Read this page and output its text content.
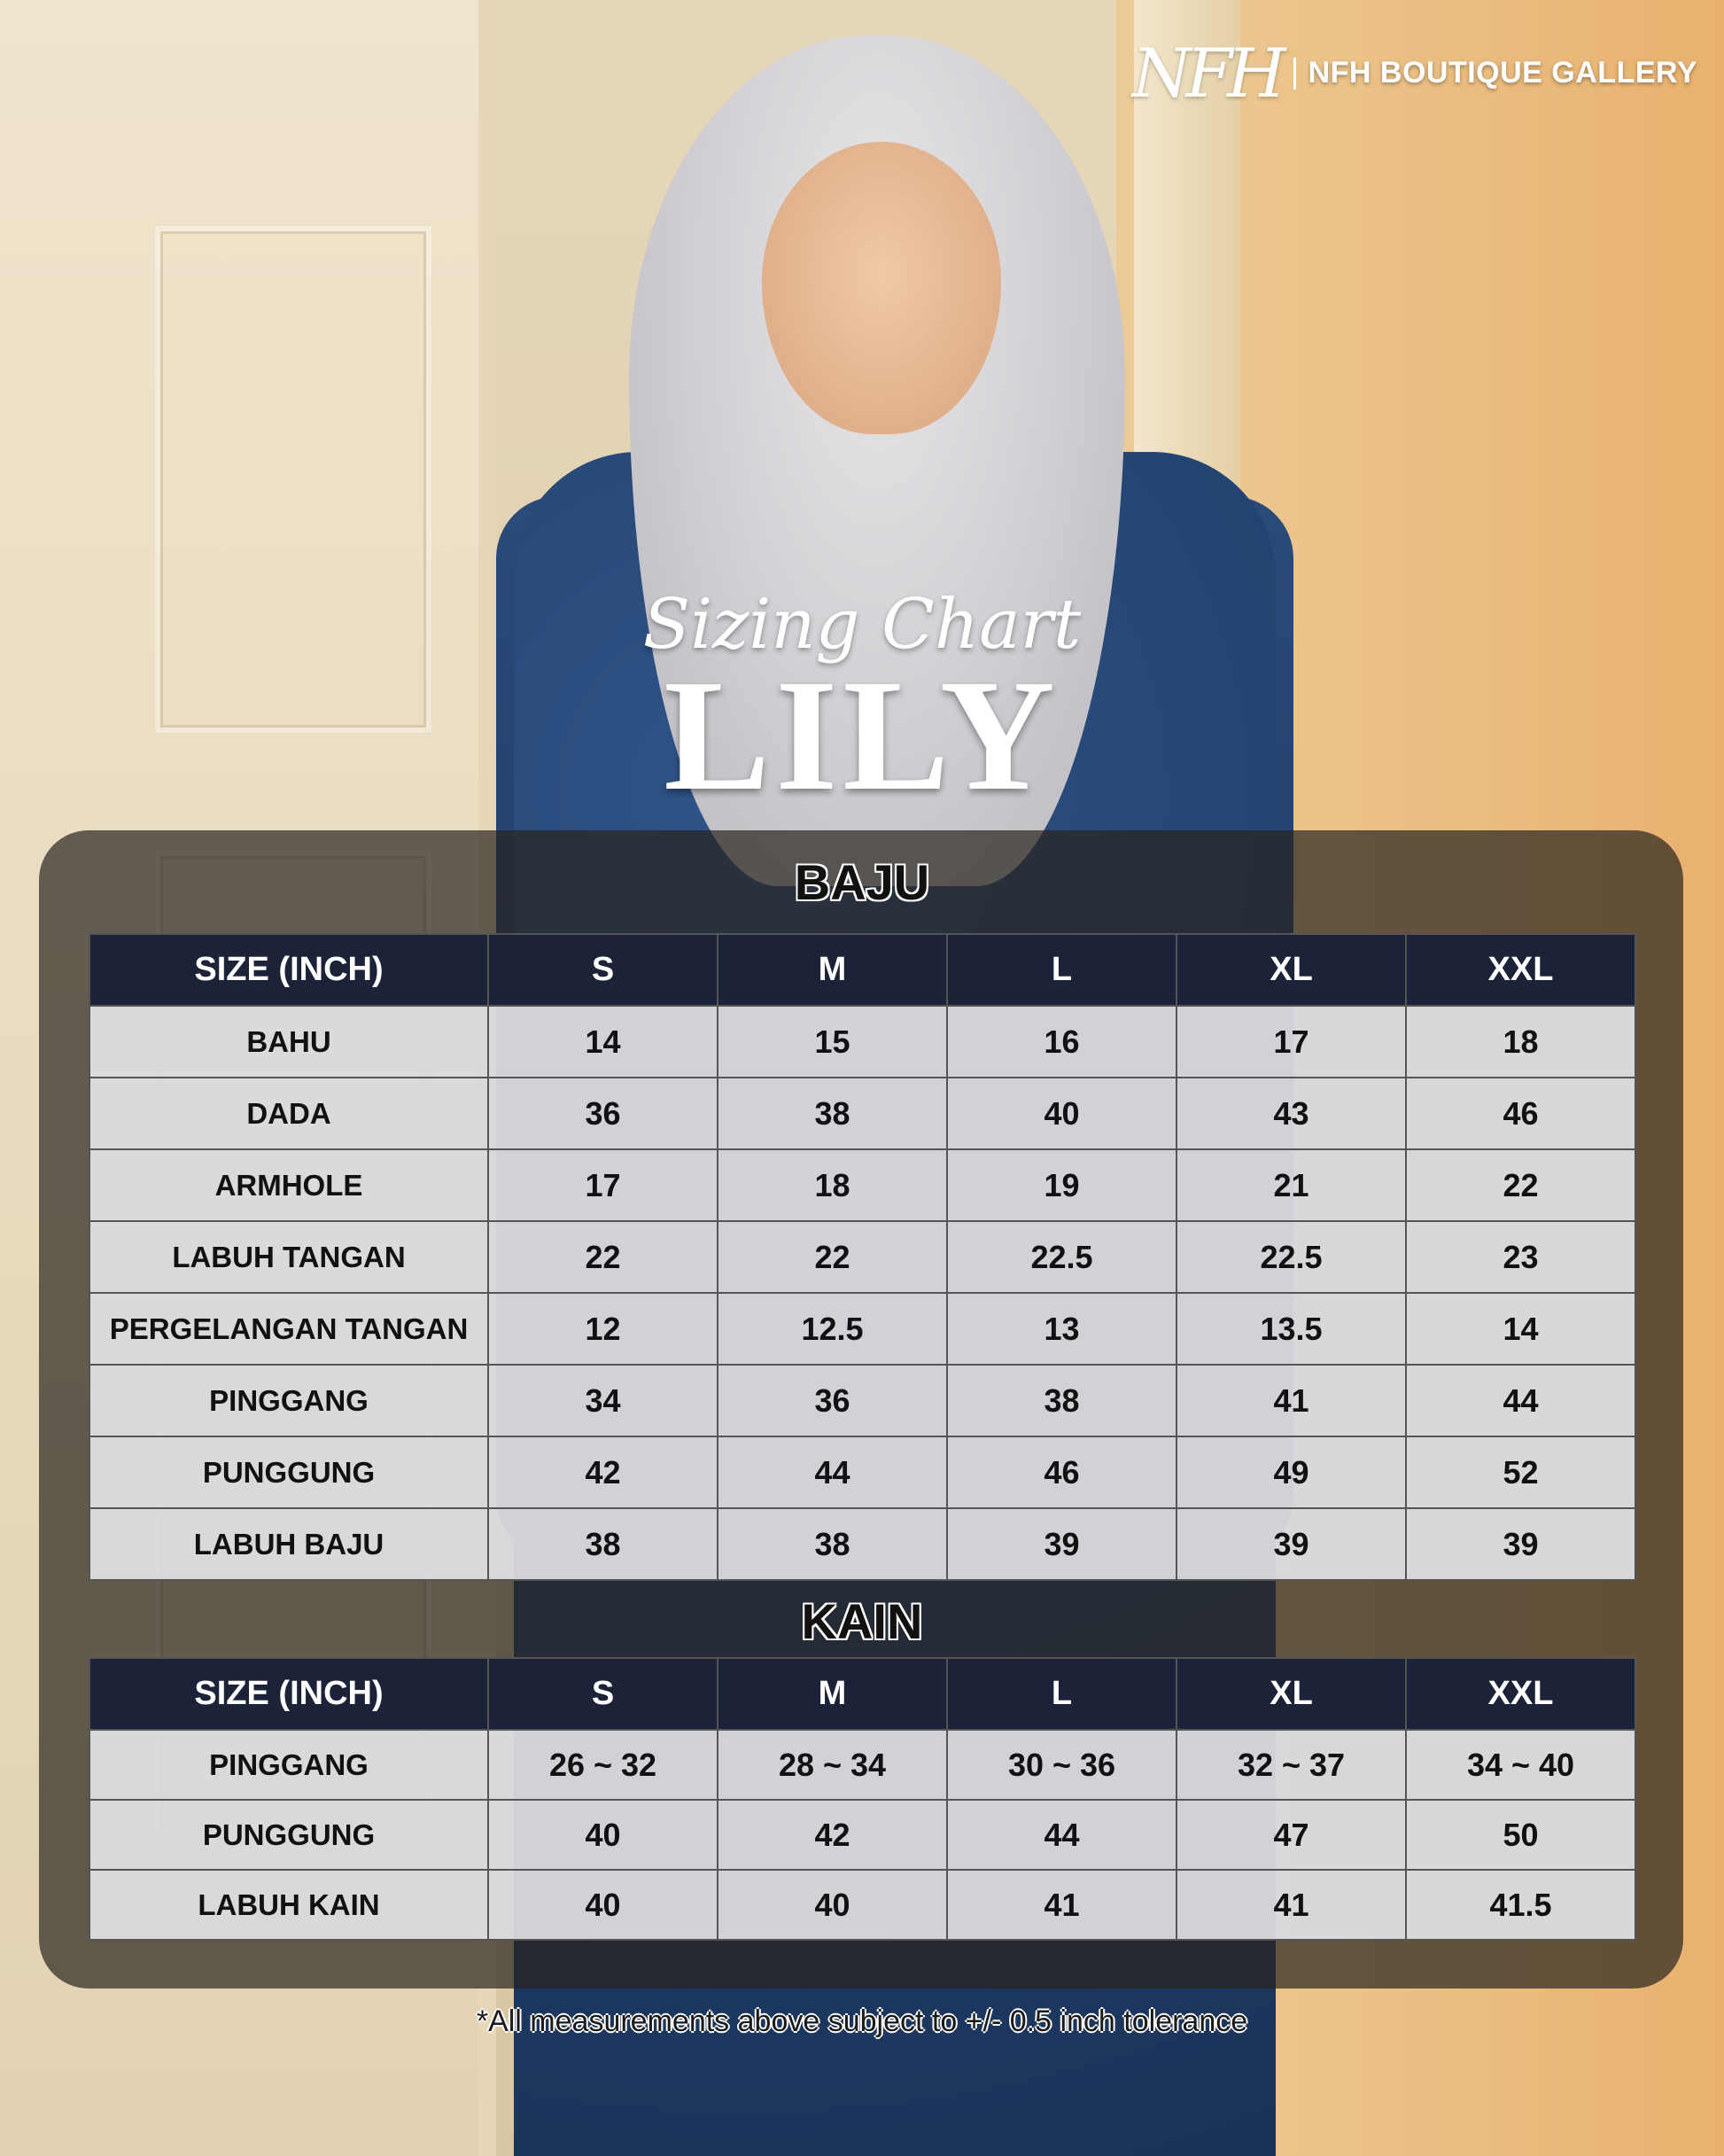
NFH NFH BOUTIQUE GALLERY
Sizing Chart
LILY
BAJU
SIZE (INCH)	S	M	L	XL	XXL
BAHU	14	15	16	17	18
DADA	36	38	40	43	46
ARMHOLE	17	18	19	21	22
LABUH TANGAN	22	22	22.5	22.5	23
PERGELANGAN TANGAN	12	12.5	13	13.5	14
PINGGANG	34	36	38	41	44
PUNGGUNG	42	44	46	49	52
LABUH BAJU	38	38	39	39	39
KAIN
SIZE (INCH)	S	M	L	XL	XXL
PINGGANG	26 ~ 32	28 ~ 34	30 ~ 36	32 ~ 37	34 ~ 40
PUNGGUNG	40	42	44	47	50
LABUH KAIN	40	40	41	41	41.5
*All measurements above subject to +/- 0.5 inch tolerance
